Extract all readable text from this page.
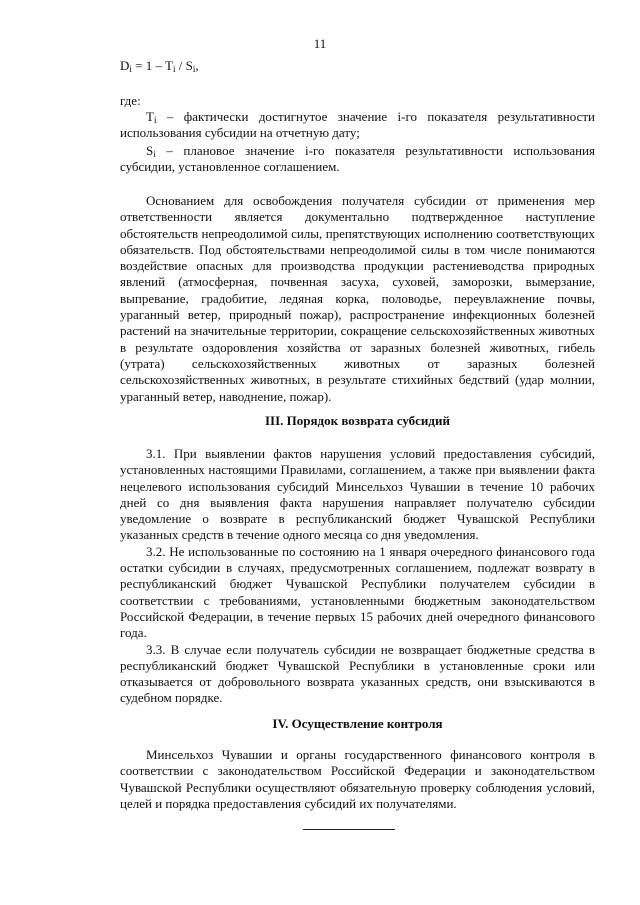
11
$D_i = 1 - T_i / S_i$,
где:
$T_i$ – фактически достигнутое значение i-го показателя результативности использования субсидии на отчетную дату;
$S_i$ – плановое значение i-го показателя результативности использования субсидии, установленное соглашением.
Основанием для освобождения получателя субсидии от применения мер ответственности является документально подтвержденное наступление обстоятельств непреодолимой силы, препятствующих исполнению соответствующих обязательств. Под обстоятельствами непреодолимой силы в том числе понимаются воздействие опасных для производства продукции растениеводства природных явлений (атмосферная, почвенная засуха, суховей, заморозки, вымерзание, выпревание, градобитие, ледяная корка, половодье, переувлажнение почвы, ураганный ветер, природный пожар), распространение инфекционных болезней растений на значительные территории, сокращение сельскохозяйственных животных в результате оздоровления хозяйства от заразных болезней животных, гибель (утрата) сельскохозяйственных животных от заразных болезней сельскохозяйственных животных, в результате стихийных бедствий (удар молнии, ураганный ветер, наводнение, пожар).
III. Порядок возврата субсидий

3.1. При выявлении фактов нарушения условий предоставления субсидий, установленных настоящими Правилами, соглашением, а также при выявлении факта нецелевого использования субсидий Минсельхоз Чувашии в течение 10 рабочих дней со дня выявления факта нарушения направляет получателю субсидии уведомление о возврате в республиканский бюджет Чувашской Республики указанных средств в течение одного месяца со дня уведомления.

3.2. Не использованные по состоянию на 1 января очередного финансового года остатки субсидии в случаях, предусмотренных соглашением, подлежат возврату в республиканский бюджет Чувашской Республики получателем субсидии в соответствии с требованиями, установленными бюджетным законодательством Российской Федерации, в течение первых 15 рабочих дней очередного финансового года.

3.3. В случае если получатель субсидии не возвращает бюджетные средства в республиканский бюджет Чувашской Республики в установленные сроки или отказывается от добровольного возврата указанных средств, они взыскиваются в судебном порядке.

IV. Осуществление контроля
Минсельхоз Чувашии и органы государственного финансового контроля в соответствии с законодательством Российской Федерации и законодательством Чувашской Республики осуществляют обязательную проверку соблюдения условий, целей и порядка предоставления субсидий их получателями.
